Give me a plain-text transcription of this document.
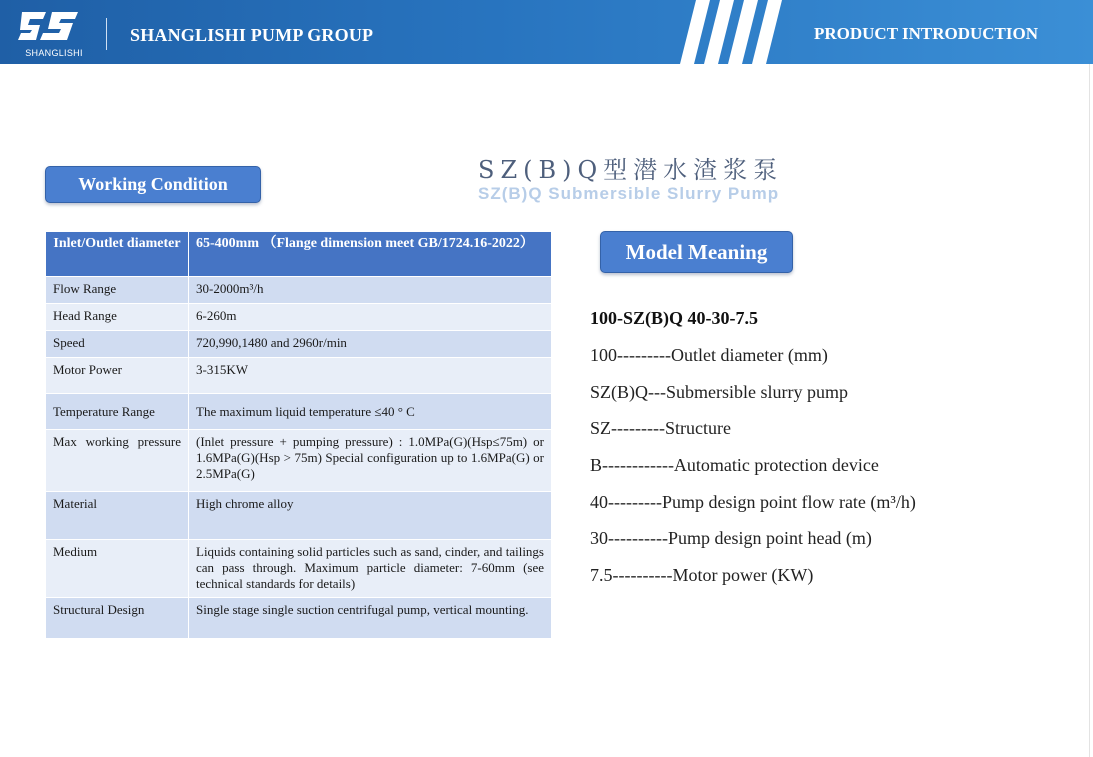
SHANGLISHI
SHANGLISHI PUMP GROUP	PRODUCT INTRODUCTION
SZ(B)Q型潜水渣浆泵
SZ(B)Q Submersible Slurry Pump
Working Condition
Inlet/Outlet diameter	65-400mm （Flange dimension meet GB/1724.16-2022）
Flow Range	30-2000m³/h
Head Range	6-260m
Speed	720,990,1480 and 2960r/min
Motor Power	3-315KW
Temperature Range	The maximum liquid temperature ≤40 ° C
Max working pressure	(Inlet pressure + pumping pressure) : 1.0MPa(G)(Hsp≤75m) or 1.6MPa(G)(Hsp > 75m) Special configuration up to 1.6MPa(G) or 2.5MPa(G)
Material	High chrome alloy
Medium	Liquids containing solid particles such as sand, cinder, and tailings can pass through. Maximum particle diameter: 7-60mm (see technical standards for details)
Structural Design	Single stage single suction centrifugal pump, vertical mounting.
Model Meaning
100-SZ(B)Q 40-30-7.5
100---------Outlet diameter (mm)
SZ(B)Q---Submersible slurry pump
SZ---------Structure
B------------Automatic protection device
40---------Pump design point flow rate (m³/h)
30----------Pump design point head (m)
7.5----------Motor power (KW)
